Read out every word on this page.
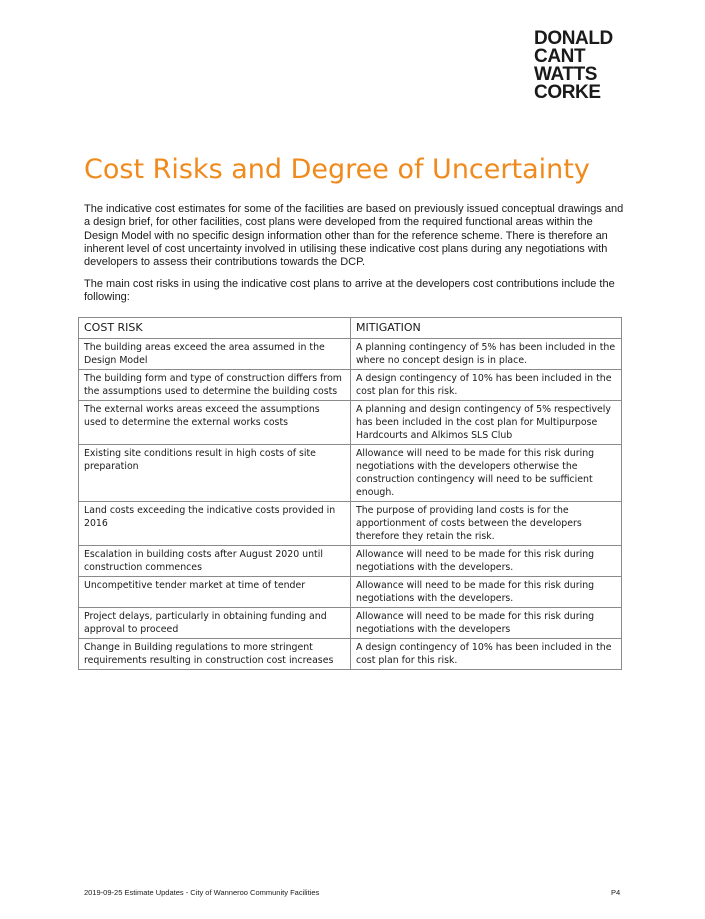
DONALD
CANT
WATTS
CORKE
Cost Risks and Degree of Uncertainty

The indicative cost estimates for some of the facilities are based on previously issued conceptual drawings and a design brief, for other facilities, cost plans were developed from the required functional areas within the Design Model with no specific design information other than for the reference scheme. There is therefore an inherent level of cost uncertainty involved in utilising these indicative cost plans during any negotiations with developers to assess their contributions towards the DCP.

The main cost risks in using the indicative cost plans to arrive at the developers cost contributions include the following:

COST RISK	MITIGATION
The building areas exceed the area assumed in the Design Model	A planning contingency of 5% has been included in the where no concept design is in place.
The building form and type of construction differs from the assumptions used to determine the building costs	A design contingency of 10% has been included in the cost plan for this risk.
The external works areas exceed the assumptions used to determine the external works costs	A planning and design contingency of 5% respectively has been included in the cost plan for Multipurpose Hardcourts and Alkimos SLS Club
Existing site conditions result in high costs of site preparation	Allowance will need to be made for this risk during negotiations with the developers otherwise the construction contingency will need to be sufficient enough.
Land costs exceeding the indicative costs provided in 2016	The purpose of providing land costs is for the apportionment of costs between the developers therefore they retain the risk.
Escalation in building costs after August 2020 until construction commences	Allowance will need to be made for this risk during negotiations with the developers.
Uncompetitive tender market at time of tender	Allowance will need to be made for this risk during negotiations with the developers.
Project delays, particularly in obtaining funding and approval to proceed	Allowance will need to be made for this risk during negotiations with the developers
Change in Building regulations to more stringent requirements resulting in construction cost increases	A design contingency of 10% has been included in the cost plan for this risk.
2019-09-25 Estimate Updates - City of Wanneroo Community Facilities	P4
